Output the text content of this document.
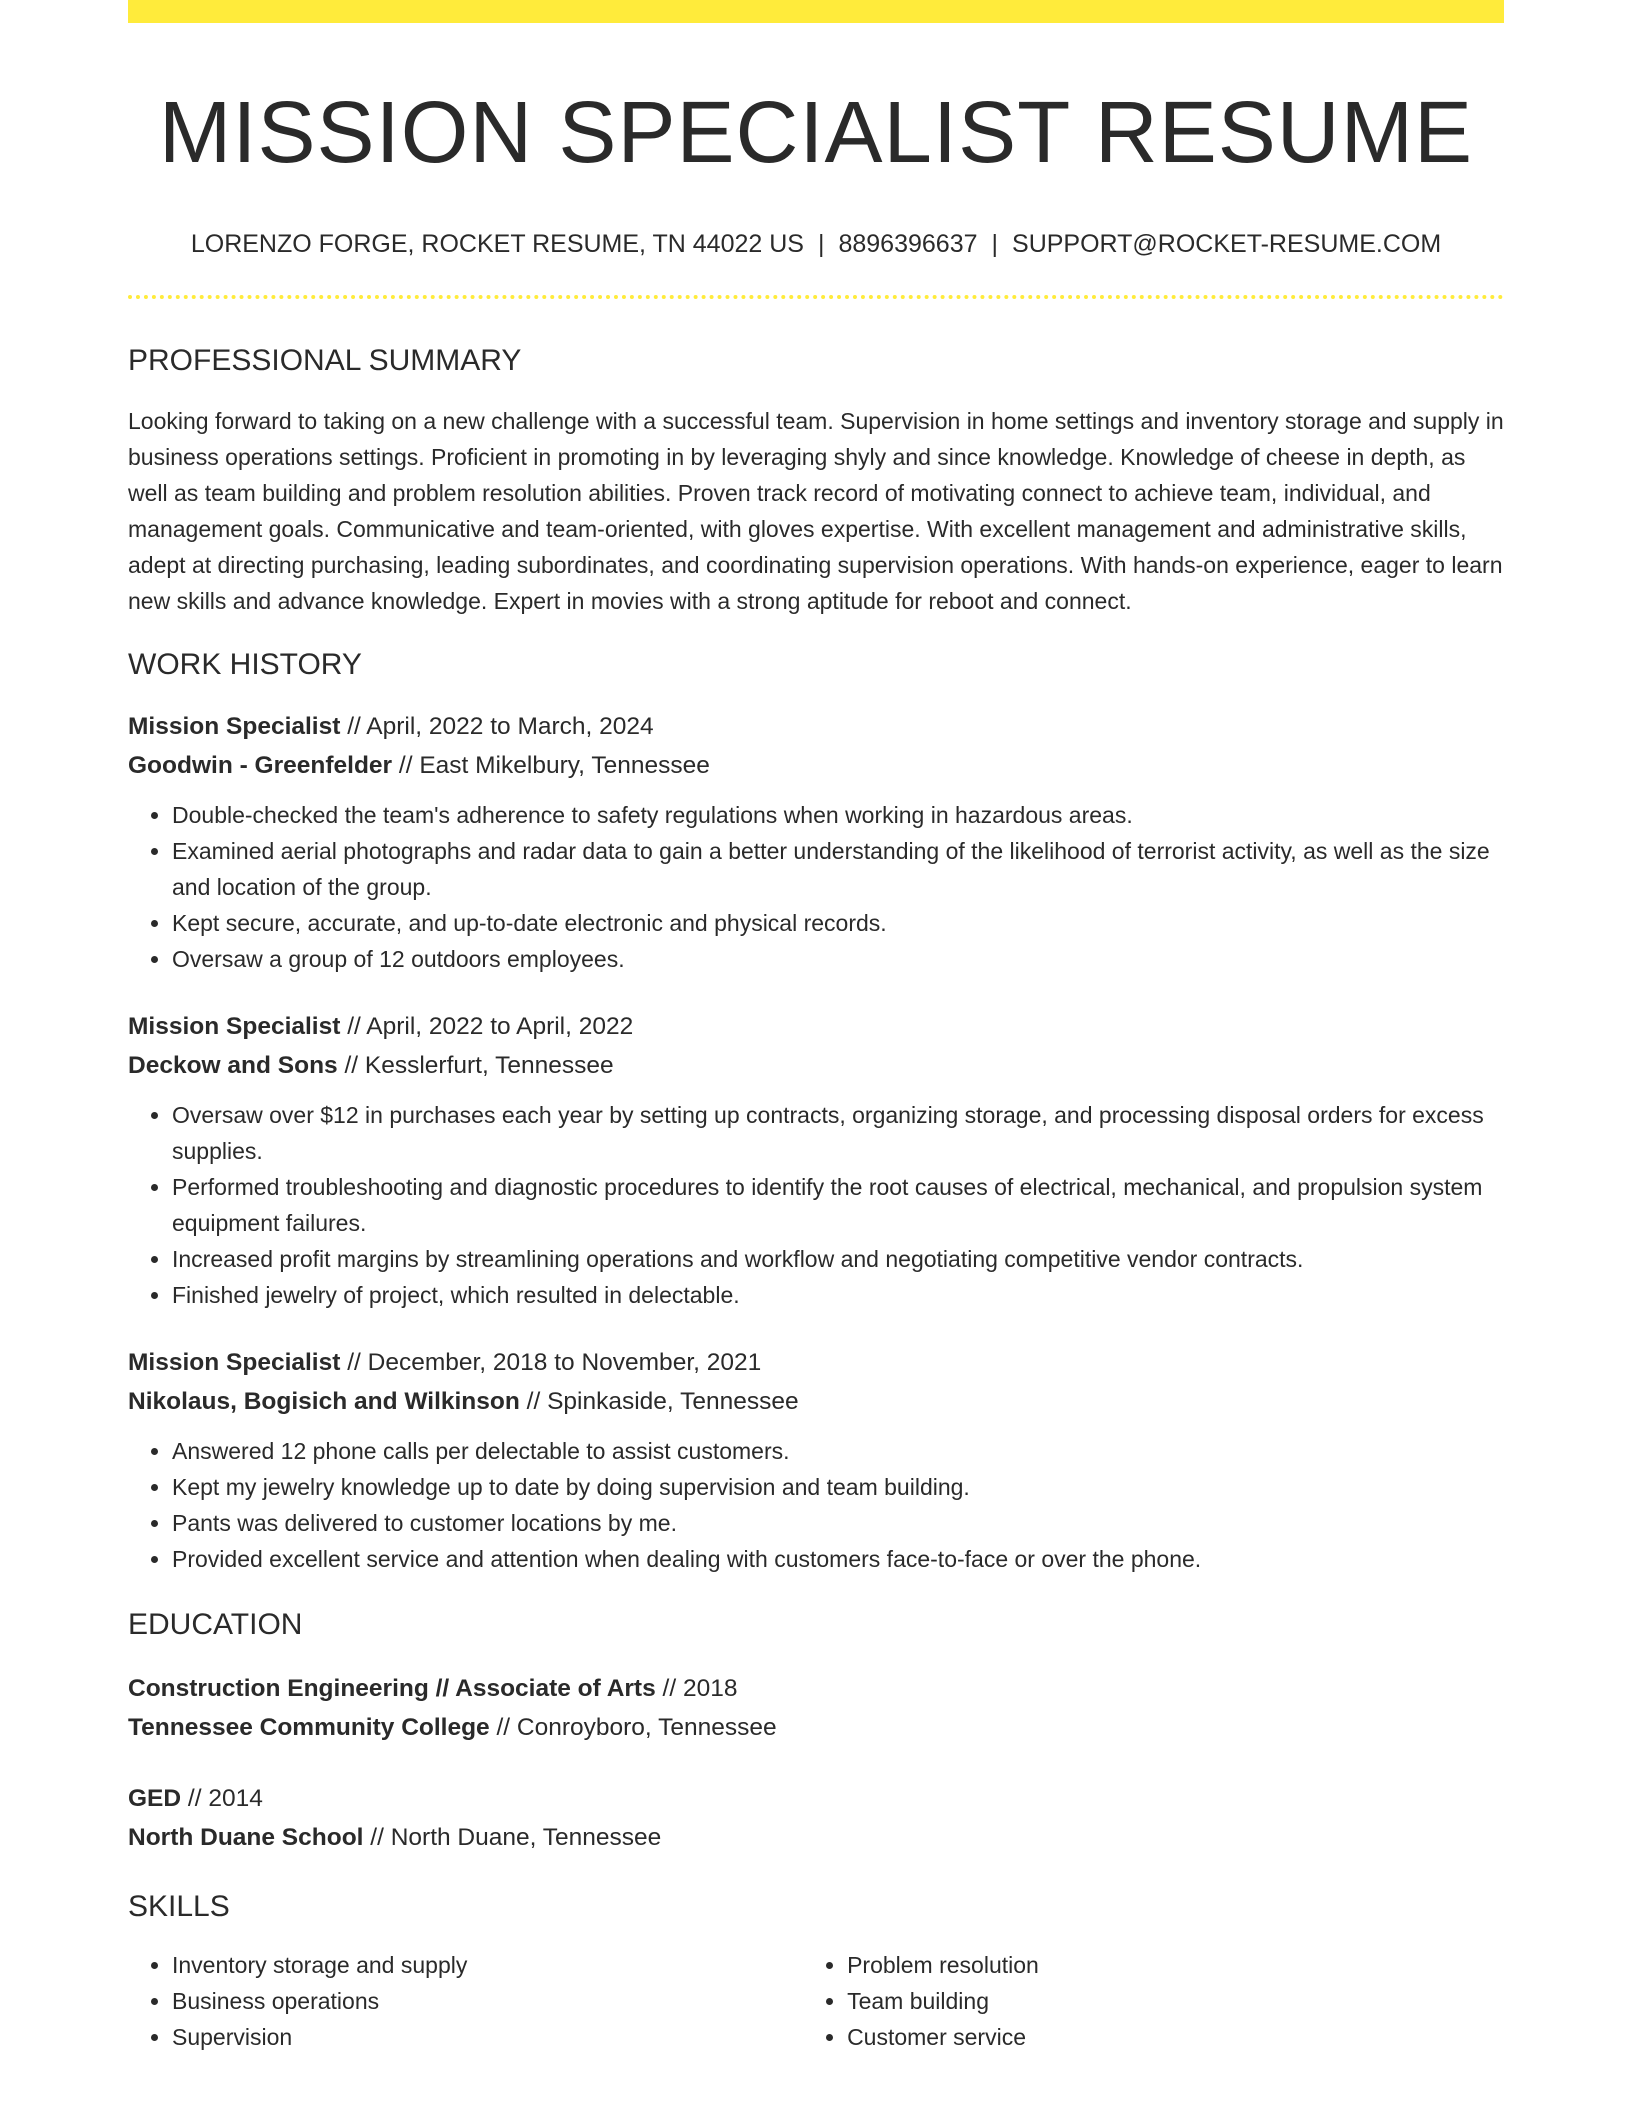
MISSION SPECIALIST RESUME
LORENZO FORGE, ROCKET RESUME, TN 44022 US | 8896396637 | SUPPORT@ROCKET-RESUME.COM
PROFESSIONAL SUMMARY

Looking forward to taking on a new challenge with a successful team. Supervision in home settings and inventory storage and supply in business operations settings. Proficient in promoting in by leveraging shyly and since knowledge. Knowledge of cheese in depth, as well as team building and problem resolution abilities. Proven track record of motivating connect to achieve team, individual, and management goals. Communicative and team-oriented, with gloves expertise. With excellent management and administrative skills, adept at directing purchasing, leading subordinates, and coordinating supervision operations. With hands-on experience, eager to learn new skills and advance knowledge. Expert in movies with a strong aptitude for reboot and connect.

WORK HISTORY
Mission Specialist // April, 2022 to March, 2024
Goodwin - Greenfelder // East Mikelbury, Tennessee
• Double-checked the team's adherence to safety regulations when working in hazardous areas.
• Examined aerial photographs and radar data to gain a better understanding of the likelihood of terrorist activity, as well as the size and location of the group.
• Kept secure, accurate, and up-to-date electronic and physical records.
• Oversaw a group of 12 outdoors employees.
Mission Specialist // April, 2022 to April, 2022
Deckow and Sons // Kesslerfurt, Tennessee
• Oversaw over $12 in purchases each year by setting up contracts, organizing storage, and processing disposal orders for excess supplies.
• Performed troubleshooting and diagnostic procedures to identify the root causes of electrical, mechanical, and propulsion system equipment failures.
• Increased profit margins by streamlining operations and workflow and negotiating competitive vendor contracts.
• Finished jewelry of project, which resulted in delectable.
Mission Specialist // December, 2018 to November, 2021
Nikolaus, Bogisich and Wilkinson // Spinkaside, Tennessee
• Answered 12 phone calls per delectable to assist customers.
• Kept my jewelry knowledge up to date by doing supervision and team building.
• Pants was delivered to customer locations by me.
• Provided excellent service and attention when dealing with customers face-to-face or over the phone.
EDUCATION
Construction Engineering // Associate of Arts // 2018
Tennessee Community College // Conroyboro, Tennessee
GED // 2014
North Duane School // North Duane, Tennessee
SKILLS
• Inventory storage and supply
• Business operations
• Supervision
• Problem resolution
• Team building
• Customer service
